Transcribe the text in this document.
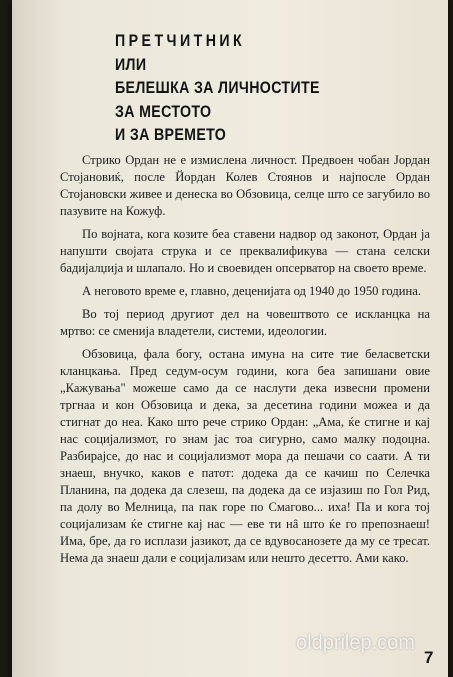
ПРЕТЧИТНИК
ИЛИ
БЕЛЕШКА ЗА ЛИЧНОСТИТЕ
ЗА МЕСТОТО
И ЗА ВРЕМЕТО

Стрико Ордан не е измислена личност. Предвоен чобан Јордан Стојановиќ, после Йордан Колев Стоянов и најпосле Ордан Стојановски живее и денеска во Обзовица, селце што се загубило во пазувите на Кожуф.

По војната, кога козите беа ставени надвор од законот, Ордан ја напушти својата струка и се преквалификува — стана селски бадијалџија и шлапало. Но и своевиден опсерватор на своето време.

А неговото време е, главно, децениjата од 1940 до 1950 година.

Во тој период другиот дел на човештвото се искланцка на мртво: се сменија владетели, системи, идеологии.

Обзовица, фала богу, остана имуна на сите тие беласветски кланцкања. Пред седум-осум години, кога беа запишани овие „Кажувања" можеше само да се наслути дека извесни промени тргнаа и кон Обзовица и дека, за десетина години можеа и да стигнат до неа. Како што рече стрико Ордан: „Ама, ќе стигне и кај нас социјализмот, го знам јас тоа сигурно, само малку подоцна. Разбирајсе, до нас и социјализмот мора да пешачи со саати. А ти знаеш, внучко, каков е патот: додека да се качиш по Селечка Планина, па додека да слезеш, па додека да се изјазиш по Гол Рид, па долу во Мелница, па пак горе по Смагово... иха! Па и кога тој социјализам ќе стигне кај нас — еве ти нâ што ќе го препознаеш! Има, бре, да го исплази јазикот, да се вдувосанозете да му се тресат. Нема да знаеш дали е социјализам или нешто десетто. Ами како.

7
oldprilep.com
